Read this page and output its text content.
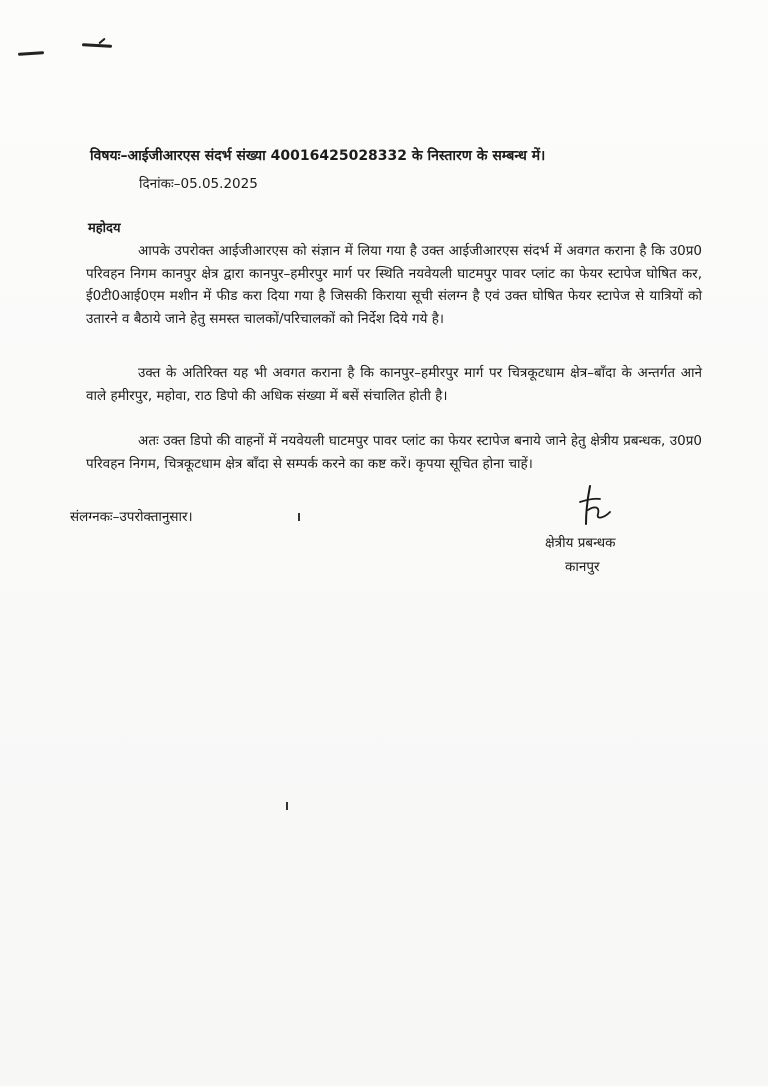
विषयः–आईजीआरएस संदर्भ संख्या 40016425028332 के निस्तारण के सम्बन्ध में।
दिनांकः–05.05.2025
महोदय
आपके उपरोक्त आईजीआरएस को संज्ञान में लिया गया है उक्त आईजीआरएस संदर्भ में अवगत कराना है कि उ0प्र0 परिवहन निगम कानपुर क्षेत्र द्वारा कानपुर–हमीरपुर मार्ग पर स्थिति नयवेयली घाटमपुर पावर प्लांट का फेयर स्टापेज घोषित कर, ई0टी0आई0एम मशीन में फीड करा दिया गया है जिसकी किराया सूची संलग्न है एवं उक्त घोषित फेयर स्टापेज से यात्रियों को उतारने व बैठाये जाने हेतु समस्त चालकों/परिचालकों को निर्देश दिये गये है।
उक्त के अतिरिक्त यह भी अवगत कराना है कि कानपुर–हमीरपुर मार्ग पर चित्रकूटधाम क्षेत्र–बाँदा के अन्तर्गत आने वाले हमीरपुर, महोवा, राठ डिपो की अधिक संख्या में बसें संचालित होती है।
अतः उक्त डिपो की वाहनों में नयवेयली घाटमपुर पावर प्लांट का फेयर स्टापेज बनाये जाने हेतु क्षेत्रीय प्रबन्धक, उ0प्र0 परिवहन निगम, चित्रकूटधाम क्षेत्र बाँदा से सम्पर्क करने का कष्ट करें। कृपया सूचित होना चाहें।
संलग्नकः–उपरोक्तानुसार।
क्षेत्रीय प्रबन्धक
कानपुर
